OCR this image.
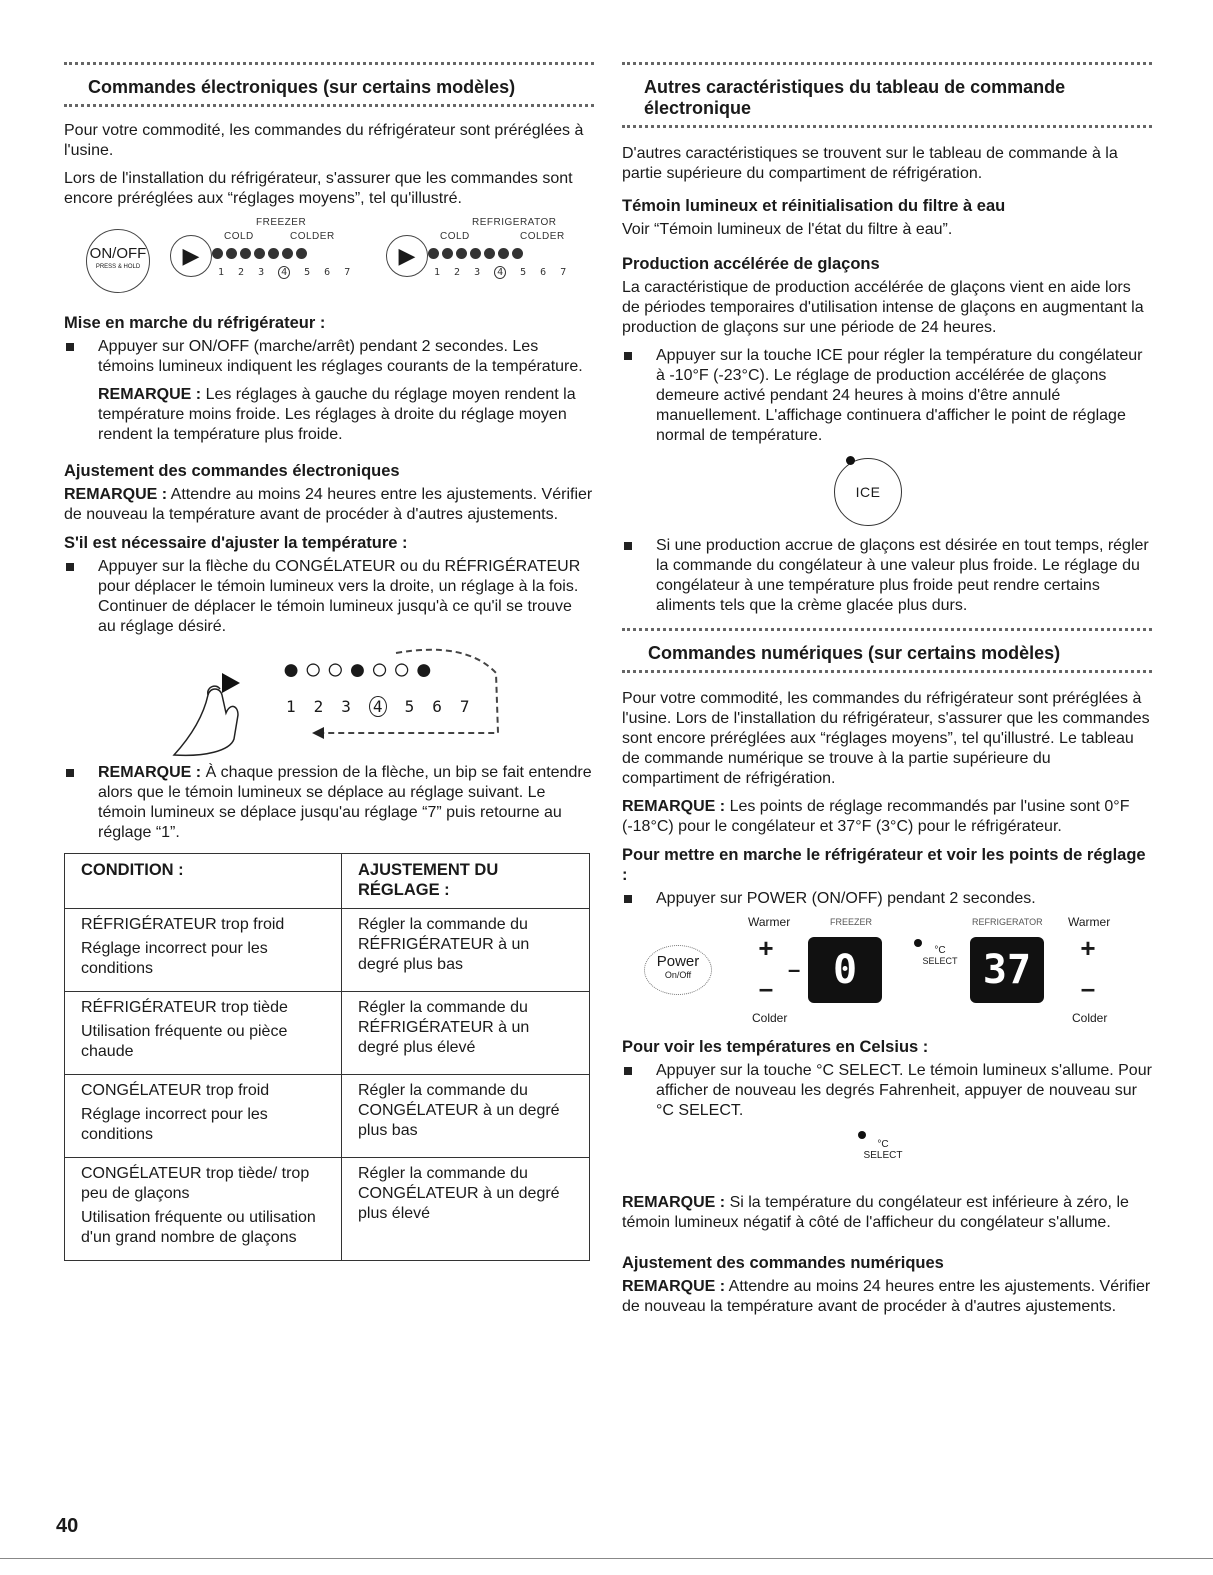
Commandes électroniques (sur certains modèles)

Pour votre commodité, les commandes du réfrigérateur sont préréglées à l'usine.

Lors de l'installation du réfrigérateur, s'assurer que les commandes sont encore préréglées aux “réglages moyens”, tel qu'illustré.

FREEZER	REFRIGERATOR
ON/OFF
PRESS & HOLD	▶
COLD	COLDER
1 2 3 4 5 6 7
▶
COLD	COLDER
1 2 3 4 5 6 7
Mise en marche du réfrigérateur :
Appuyer sur ON/OFF (marche/arrêt) pendant 2 secondes. Les témoins lumineux indiquent les réglages courants de la température.
REMARQUE : Les réglages à gauche du réglage moyen rendent la température moins froide. Les réglages à droite du réglage moyen rendent la température plus froide.
Ajustement des commandes électroniques

REMARQUE : Attendre au moins 24 heures entre les ajustements. Vérifier de nouveau la température avant de procéder à d'autres ajustements.

S'il est nécessaire d'ajuster la température :
Appuyer sur la flèche du CONGÉLATEUR ou du RÉFRIGÉRATEUR pour déplacer le témoin lumineux vers la droite, un réglage à la fois. Continuer de déplacer le témoin lumineux jusqu'à ce qu'il se trouve au réglage désiré.
●○○●○○●
1 2 3 4 5 6 7
REMARQUE : À chaque pression de la flèche, un bip se fait entendre alors que le témoin lumineux se déplace au réglage suivant. Le témoin lumineux se déplace jusqu'au réglage “7” puis retourne au réglage “1”.
CONDITION :	AJUSTEMENT DU RÉGLAGE :

RÉFRIGÉRATEUR trop froid

Réglage incorrect pour les conditions	Régler la commande du RÉFRIGÉRATEUR à un degré plus bas

RÉFRIGÉRATEUR trop tiède

Utilisation fréquente ou pièce chaude	Régler la commande du RÉFRIGÉRATEUR à un degré plus élevé

CONGÉLATEUR trop froid

Réglage incorrect pour les conditions	Régler la commande du CONGÉLATEUR à un degré plus bas

CONGÉLATEUR trop tiède/ trop peu de glaçons

Utilisation fréquente ou utilisation d'un grand nombre de glaçons	Régler la commande du CONGÉLATEUR à un degré plus élevé
Autres caractéristiques du tableau de commande électronique

D'autres caractéristiques se trouvent sur le tableau de commande à la partie supérieure du compartiment de réfrigération.

Témoin lumineux et réinitialisation du filtre à eau

Voir “Témoin lumineux de l'état du filtre à eau”.

Production accélérée de glaçons

La caractéristique de production accélérée de glaçons vient en aide lors de périodes temporaires d'utilisation intense de glaçons en augmentant la production de glaçons sur une période de 24 heures.

Appuyer sur la touche ICE pour régler la température du congélateur à -10°F (-23°C). Le réglage de production accélérée de glaçons demeure activé pendant 24 heures à moins d'être annulé manuellement. L'affichage continuera d'afficher le point de réglage normal de température.
ICE
Si une production accrue de glaçons est désirée en tout temps, régler la commande du congélateur à une valeur plus froide. Le réglage du congélateur à une température plus froide peut rendre certains aliments tels que la crème glacée plus durs.
Commandes numériques (sur certains modèles)

Pour votre commodité, les commandes du réfrigérateur sont préréglées à l'usine. Lors de l'installation du réfrigérateur, s'assurer que les commandes sont encore préréglées aux “réglages moyens”, tel qu'illustré. Le tableau de commande numérique se trouve à la partie supérieure du compartiment de réfrigération.

REMARQUE : Les points de réglage recommandés par l'usine sont 0°F (-18°C) pour le congélateur et 37°F (3°C) pour le réfrigérateur.

Pour mettre en marche le réfrigérateur et voir les points de réglage :
Appuyer sur POWER (ON/OFF) pendant 2 secondes.
Warmer	FREEZER	REFRIGERATOR Warmer
Power
On/Off
+
–
–	0	°C
SELECT 37	+
–
Colder	Colder
Pour voir les températures en Celsius :
Appuyer sur la touche °C SELECT. Le témoin lumineux s'allume. Pour afficher de nouveau les degrés Fahrenheit, appuyer de nouveau sur °C SELECT.
°C
SELECT

REMARQUE : Si la température du congélateur est inférieure à zéro, le témoin lumineux négatif à côté de l'afficheur du congélateur s'allume.

Ajustement des commandes numériques

REMARQUE : Attendre au moins 24 heures entre les ajustements. Vérifier de nouveau la température avant de procéder à d'autres ajustements.

40
